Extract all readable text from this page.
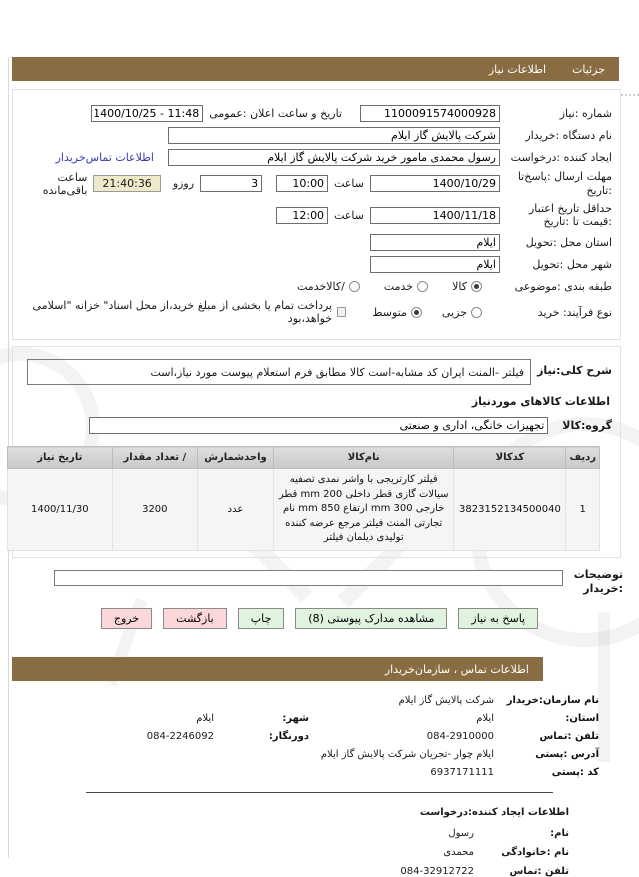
جزئیات
اطلاعات نیاز
شماره :نیاز
1100091574000928
تاریخ و ساعت اعلان :عمومی
11:48 - 1400/10/25
نام دستگاه :خریدار
شرکت پالایش گاز ایلام
ایجاد کننده :درخواست
رسول محمدی مامور خرید شرکت پالایش گاز ایلام
اطلاعات تماس‌خریدار
مهلت ارسال :پاسخ‌تا
:تاریخ
1400/10/29
ساعت
10:00
3
روزو
21:40:36
ساعت باقی‌مانده
حداقل تاریخ اعتبار
:قیمت تا :تاریخ
1400/11/18
ساعت
12:00
استان محل :تحویل
ایلام
شهر محل :تحویل
ایلام
طبقه بندی :موضوعی
کالا
خدمت
/کالاخدمت
نوع فرآیند: خرید
جزیی
متوسط
پرداخت تمام یا بخشی از مبلغ خرید،از محل اسناد" خزانه "اسلامی خواهد،بود
شرح کلی:نیاز
فیلتر -المنت ایران کد مشابه-است کالا مطابق فرم استعلام پیوست مورد نیاز،است
اطلاعات کالاهای موردنیاز
گروه:کالا
تجهیزات خانگی، اداری و صنعتی
ردیف	کدکالا	نام‌کالا	واحدشمارش	/ تعداد مقدار	تاریخ نیاز
1	3823152134500040	فیلتر کارتریجی با واشر نمدی تصفیه سیالات گازی قطر داخلی 200 mm قطر خارجی 300 mm ارتفاع 850 mm نام تجارتی المنت فیلتر مرجع عرضه کننده تولیدی دیلمان فیلتر	عدد	3200	1400/11/30
توضیحات
:خریدار
پاسخ به نیاز
مشاهده مدارک پیوستی (8)
چاپ
بازگشت
خروج
اطلاعات تماس ، سازمان‌خریدار
نام سازمان:خریدار
شرکت پالایش گاز ایلام
استان:
ایلام
شهر:
ایلام
تلفن :تماس
084-2910000
دورنگار:
084-2246092
آدرس :پستی
ایلام چوار -تجریان شرکت پالایش گاز ایلام
کد :پستی
6937171111
اطلاعات ایجاد کننده:درخواست
نام:
رسول
نام :خانوادگی
محمدی
تلفن :تماس
084-32912722
